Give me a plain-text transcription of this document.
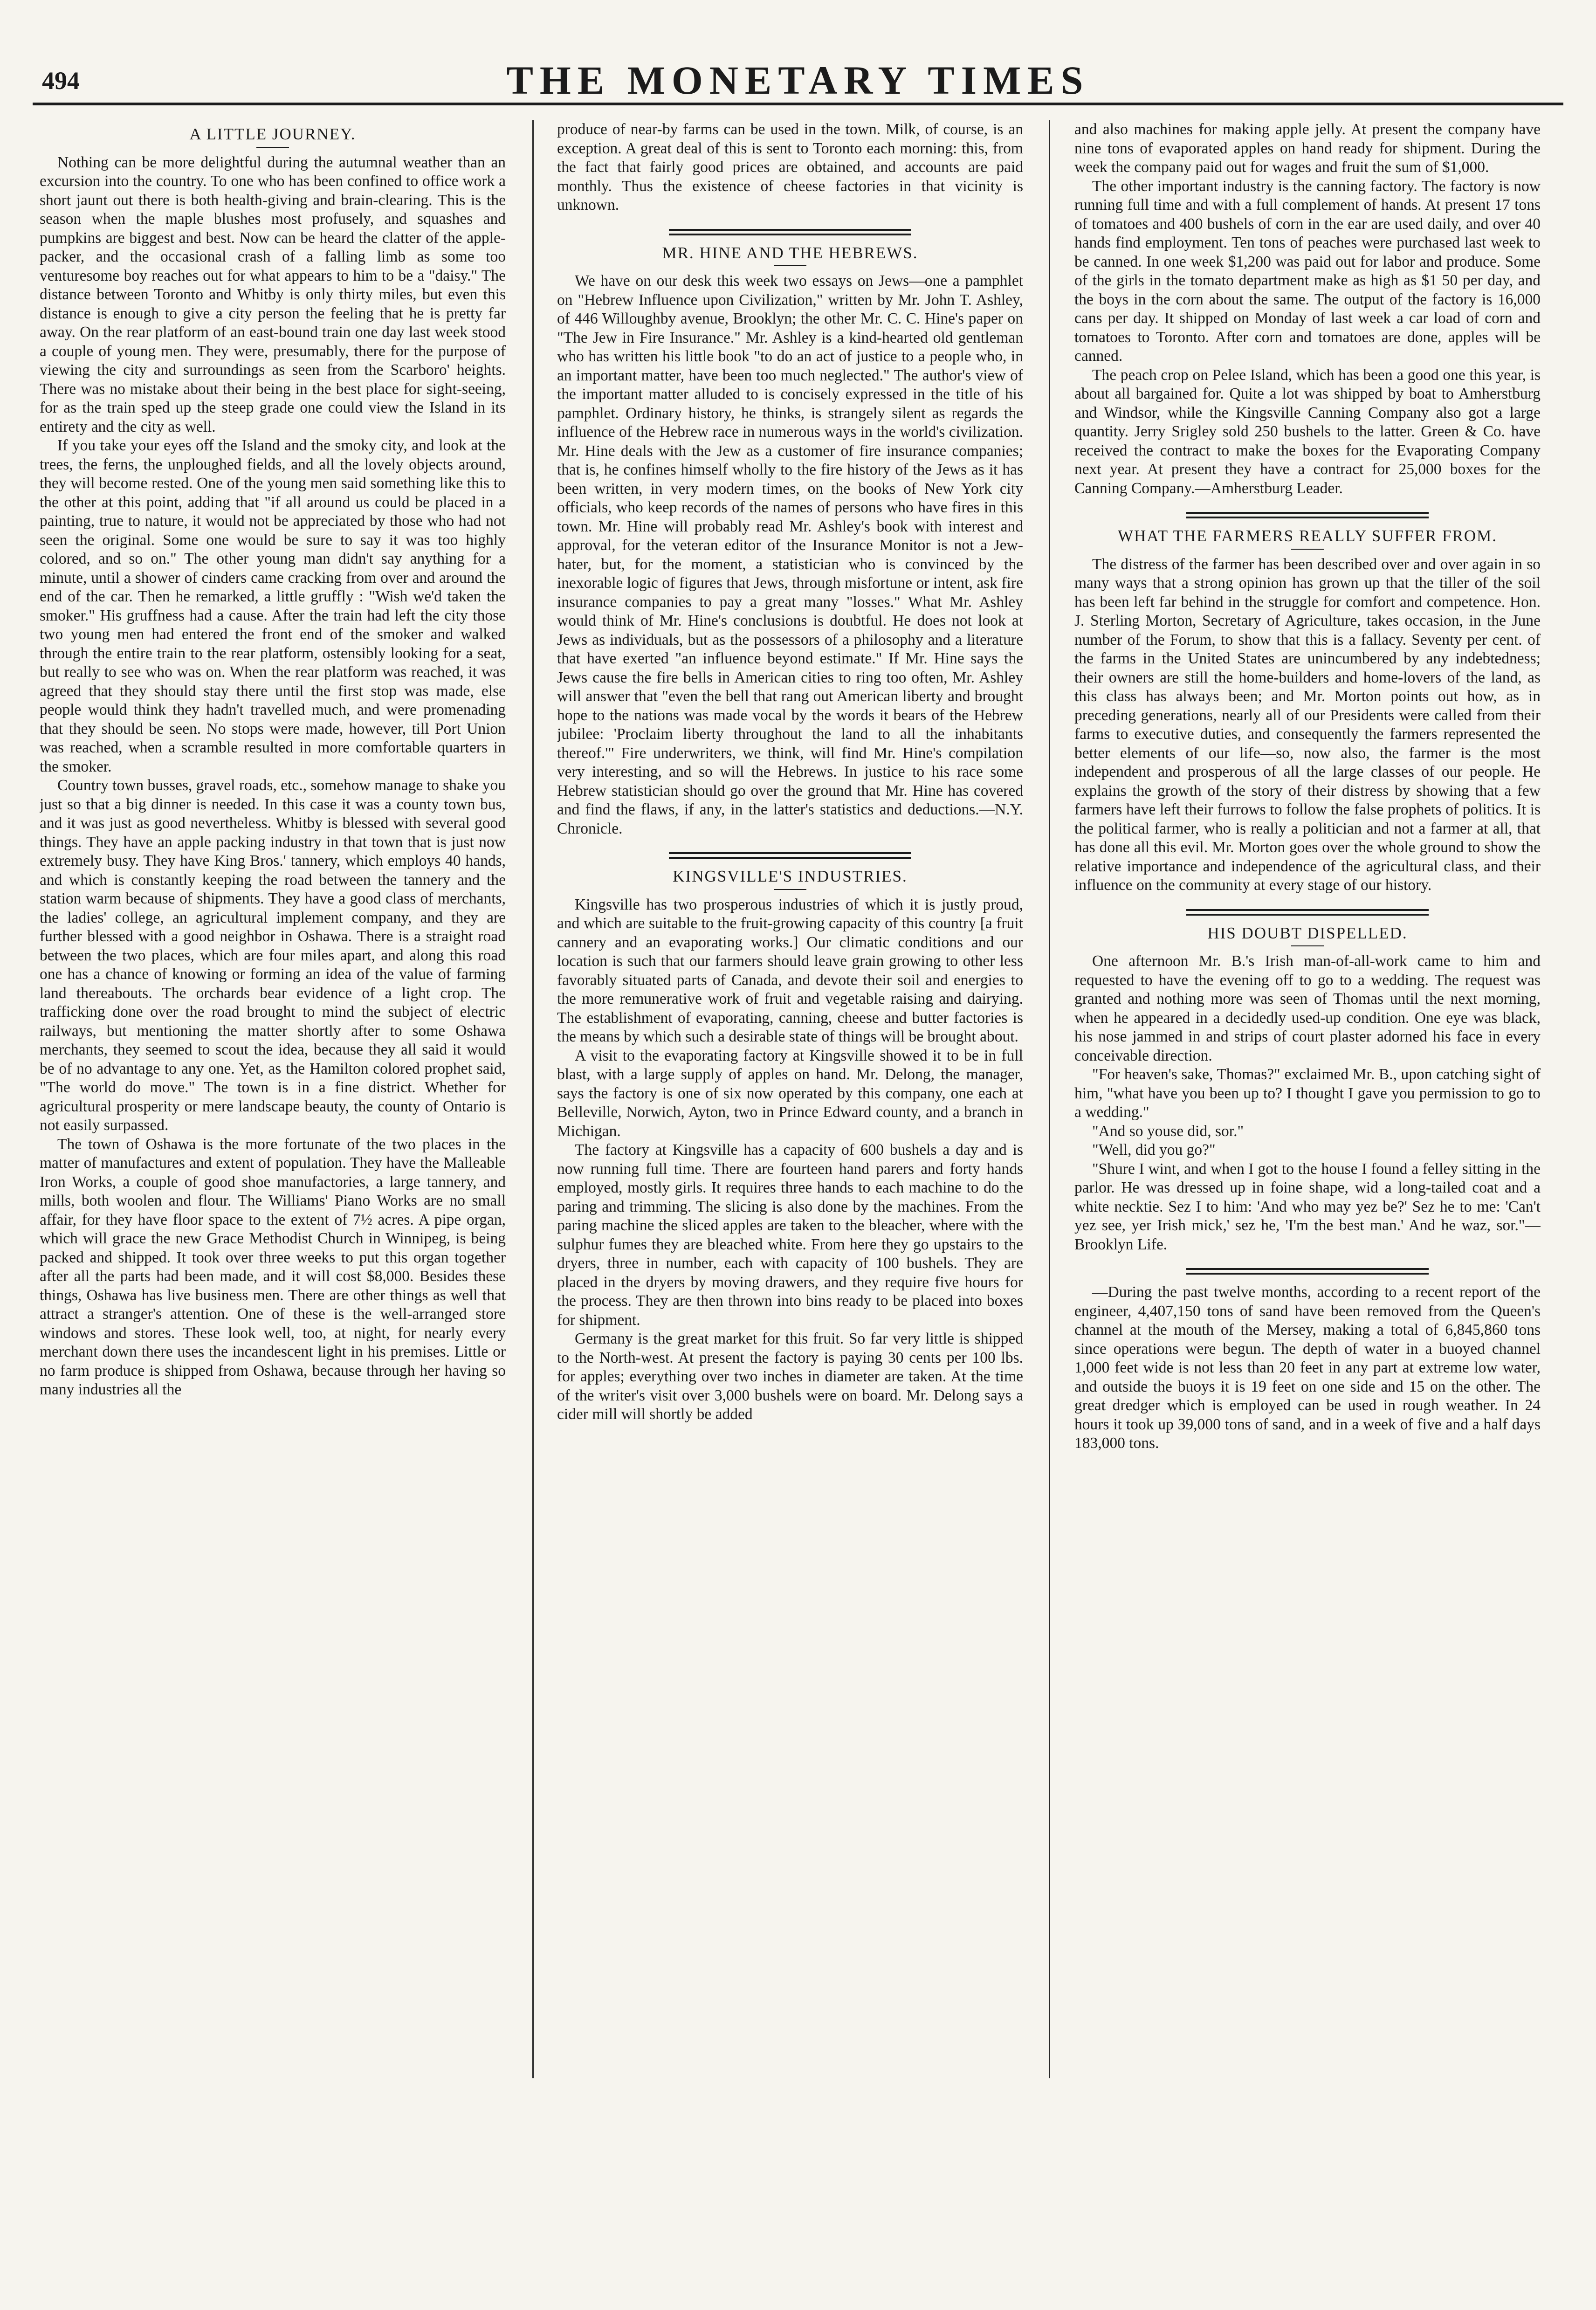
494	THE MONETARY TIMES

A LITTLE JOURNEY.

Nothing can be more delightful during the autumnal weather than an excursion into the country. To one who has been confined to office work a short jaunt out there is both health-giving and brain-clearing. This is the season when the maple blushes most profusely, and squashes and pumpkins are biggest and best. Now can be heard the clatter of the apple-packer, and the occasional crash of a falling limb as some too venturesome boy reaches out for what appears to him to be a "daisy." The distance between Toronto and Whitby is only thirty miles, but even this distance is enough to give a city person the feeling that he is pretty far away. On the rear platform of an east-bound train one day last week stood a couple of young men. They were, presumably, there for the purpose of viewing the city and surroundings as seen from the Scarboro' heights. There was no mistake about their being in the best place for sight-seeing, for as the train sped up the steep grade one could view the Island in its entirety and the city as well.

If you take your eyes off the Island and the smoky city, and look at the trees, the ferns, the unploughed fields, and all the lovely objects around, they will become rested. One of the young men said something like this to the other at this point, adding that "if all around us could be placed in a painting, true to nature, it would not be appreciated by those who had not seen the original. Some one would be sure to say it was too highly colored, and so on." The other young man didn't say anything for a minute, until a shower of cinders came cracking from over and around the end of the car. Then he remarked, a little gruffly : "Wish we'd taken the smoker." His gruffness had a cause. After the train had left the city those two young men had entered the front end of the smoker and walked through the entire train to the rear platform, ostensibly looking for a seat, but really to see who was on. When the rear platform was reached, it was agreed that they should stay there until the first stop was made, else people would think they hadn't travelled much, and were promenading that they should be seen. No stops were made, however, till Port Union was reached, when a scramble resulted in more comfortable quarters in the smoker.

Country town busses, gravel roads, etc., somehow manage to shake you just so that a big dinner is needed. In this case it was a county town bus, and it was just as good nevertheless. Whitby is blessed with several good things. They have an apple packing industry in that town that is just now extremely busy. They have King Bros.' tannery, which employs 40 hands, and which is constantly keeping the road between the tannery and the station warm because of shipments. They have a good class of merchants, the ladies' college, an agricultural implement company, and they are further blessed with a good neighbor in Oshawa. There is a straight road between the two places, which are four miles apart, and along this road one has a chance of knowing or forming an idea of the value of farming land thereabouts. The orchards bear evidence of a light crop. The trafficking done over the road brought to mind the subject of electric railways, but mentioning the matter shortly after to some Oshawa merchants, they seemed to scout the idea, because they all said it would be of no advantage to any one. Yet, as the Hamilton colored prophet said, "The world do move." The town is in a fine district. Whether for agricultural prosperity or mere landscape beauty, the county of Ontario is not easily surpassed.

The town of Oshawa is the more fortunate of the two places in the matter of manufactures and extent of population. They have the Malleable Iron Works, a couple of good shoe manufactories, a large tannery, and mills, both woolen and flour. The Williams' Piano Works are no small affair, for they have floor space to the extent of 7½ acres. A pipe organ, which will grace the new Grace Methodist Church in Winnipeg, is being packed and shipped. It took over three weeks to put this organ together after all the parts had been made, and it will cost $8,000. Besides these things, Oshawa has live business men. There are other things as well that attract a stranger's attention. One of these is the well-arranged store windows and stores. These look well, too, at night, for nearly every merchant down there uses the incandescent light in his premises. Little or no farm produce is shipped from Oshawa, because through her having so many industries all the

produce of near-by farms can be used in the town. Milk, of course, is an exception. A great deal of this is sent to Toronto each morning: this, from the fact that fairly good prices are obtained, and accounts are paid monthly. Thus the existence of cheese factories in that vicinity is unknown.

MR. HINE AND THE HEBREWS.

We have on our desk this week two essays on Jews—one a pamphlet on "Hebrew Influence upon Civilization," written by Mr. John T. Ashley, of 446 Willoughby avenue, Brooklyn; the other Mr. C. C. Hine's paper on "The Jew in Fire Insurance." Mr. Ashley is a kind-hearted old gentleman who has written his little book "to do an act of justice to a people who, in an important matter, have been too much neglected." The author's view of the important matter alluded to is concisely expressed in the title of his pamphlet. Ordinary history, he thinks, is strangely silent as regards the influence of the Hebrew race in numerous ways in the world's civilization. Mr. Hine deals with the Jew as a customer of fire insurance companies; that is, he confines himself wholly to the fire history of the Jews as it has been written, in very modern times, on the books of New York city officials, who keep records of the names of persons who have fires in this town. Mr. Hine will probably read Mr. Ashley's book with interest and approval, for the veteran editor of the Insurance Monitor is not a Jew-hater, but, for the moment, a statistician who is convinced by the inexorable logic of figures that Jews, through misfortune or intent, ask fire insurance companies to pay a great many "losses." What Mr. Ashley would think of Mr. Hine's conclusions is doubtful. He does not look at Jews as individuals, but as the possessors of a philosophy and a literature that have exerted "an influence beyond estimate." If Mr. Hine says the Jews cause the fire bells in American cities to ring too often, Mr. Ashley will answer that "even the bell that rang out American liberty and brought hope to the nations was made vocal by the words it bears of the Hebrew jubilee: 'Proclaim liberty throughout the land to all the inhabitants thereof.'" Fire underwriters, we think, will find Mr. Hine's compilation very interesting, and so will the Hebrews. In justice to his race some Hebrew statistician should go over the ground that Mr. Hine has covered and find the flaws, if any, in the latter's statistics and deductions.—N.Y. Chronicle.

KINGSVILLE'S INDUSTRIES.

Kingsville has two prosperous industries of which it is justly proud, and which are suitable to the fruit-growing capacity of this country [a fruit cannery and an evaporating works.] Our climatic conditions and our location is such that our farmers should leave grain growing to other less favorably situated parts of Canada, and devote their soil and energies to the more remunerative work of fruit and vegetable raising and dairying. The establishment of evaporating, canning, cheese and butter factories is the means by which such a desirable state of things will be brought about.

A visit to the evaporating factory at Kingsville showed it to be in full blast, with a large supply of apples on hand. Mr. Delong, the manager, says the factory is one of six now operated by this company, one each at Belleville, Norwich, Ayton, two in Prince Edward county, and a branch in Michigan.

The factory at Kingsville has a capacity of 600 bushels a day and is now running full time. There are fourteen hand parers and forty hands employed, mostly girls. It requires three hands to each machine to do the paring and trimming. The slicing is also done by the machines. From the paring machine the sliced apples are taken to the bleacher, where with the sulphur fumes they are bleached white. From here they go upstairs to the dryers, three in number, each with capacity of 100 bushels. They are placed in the dryers by moving drawers, and they require five hours for the process. They are then thrown into bins ready to be placed into boxes for shipment.

Germany is the great market for this fruit. So far very little is shipped to the North-west. At present the factory is paying 30 cents per 100 lbs. for apples; everything over two inches in diameter are taken. At the time of the writer's visit over 3,000 bushels were on board. Mr. Delong says a cider mill will shortly be added

and also machines for making apple jelly. At present the company have nine tons of evaporated apples on hand ready for shipment. During the week the company paid out for wages and fruit the sum of $1,000.

The other important industry is the canning factory. The factory is now running full time and with a full complement of hands. At present 17 tons of tomatoes and 400 bushels of corn in the ear are used daily, and over 40 hands find employment. Ten tons of peaches were purchased last week to be canned. In one week $1,200 was paid out for labor and produce. Some of the girls in the tomato department make as high as $1 50 per day, and the boys in the corn about the same. The output of the factory is 16,000 cans per day. It shipped on Monday of last week a car load of corn and tomatoes to Toronto. After corn and tomatoes are done, apples will be canned.

The peach crop on Pelee Island, which has been a good one this year, is about all bargained for. Quite a lot was shipped by boat to Amherstburg and Windsor, while the Kingsville Canning Company also got a large quantity. Jerry Srigley sold 250 bushels to the latter. Green & Co. have received the contract to make the boxes for the Evaporating Company next year. At present they have a contract for 25,000 boxes for the Canning Company.—Amherstburg Leader.

WHAT THE FARMERS REALLY SUFFER FROM.

The distress of the farmer has been described over and over again in so many ways that a strong opinion has grown up that the tiller of the soil has been left far behind in the struggle for comfort and competence. Hon. J. Sterling Morton, Secretary of Agriculture, takes occasion, in the June number of the Forum, to show that this is a fallacy. Seventy per cent. of the farms in the United States are unincumbered by any indebtedness; their owners are still the home-builders and home-lovers of the land, as this class has always been; and Mr. Morton points out how, as in preceding generations, nearly all of our Presidents were called from their farms to executive duties, and consequently the farmers represented the better elements of our life—so, now also, the farmer is the most independent and prosperous of all the large classes of our people. He explains the growth of the story of their distress by showing that a few farmers have left their furrows to follow the false prophets of politics. It is the political farmer, who is really a politician and not a farmer at all, that has done all this evil. Mr. Morton goes over the whole ground to show the relative importance and independence of the agricultural class, and their influence on the community at every stage of our history.

HIS DOUBT DISPELLED.

One afternoon Mr. B.'s Irish man-of-all-work came to him and requested to have the evening off to go to a wedding. The request was granted and nothing more was seen of Thomas until the next morning, when he appeared in a decidedly used-up condition. One eye was black, his nose jammed in and strips of court plaster adorned his face in every conceivable direction.

"For heaven's sake, Thomas?" exclaimed Mr. B., upon catching sight of him, "what have you been up to? I thought I gave you permission to go to a wedding."

"And so youse did, sor."

"Well, did you go?"

"Shure I wint, and when I got to the house I found a felley sitting in the parlor. He was dressed up in foine shape, wid a long-tailed coat and a white necktie. Sez I to him: 'And who may yez be?' Sez he to me: 'Can't yez see, yer Irish mick,' sez he, 'I'm the best man.' And he waz, sor."—Brooklyn Life.

—During the past twelve months, according to a recent report of the engineer, 4,407,150 tons of sand have been removed from the Queen's channel at the mouth of the Mersey, making a total of 6,845,860 tons since operations were begun. The depth of water in a buoyed channel 1,000 feet wide is not less than 20 feet in any part at extreme low water, and outside the buoys it is 19 feet on one side and 15 on the other. The great dredger which is employed can be used in rough weather. In 24 hours it took up 39,000 tons of sand, and in a week of five and a half days 183,000 tons.
